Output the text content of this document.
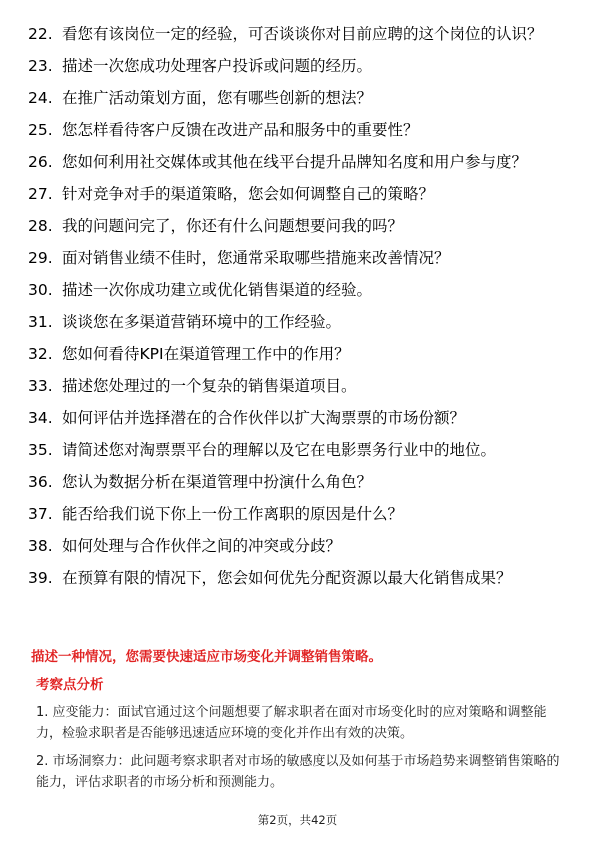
22. 看您有该岗位一定的经验，可否谈谈你对目前应聘的这个岗位的认识？
23. 描述一次您成功处理客户投诉或问题的经历。
24. 在推广活动策划方面，您有哪些创新的想法？
25. 您怎样看待客户反馈在改进产品和服务中的重要性？
26. 您如何利用社交媒体或其他在线平台提升品牌知名度和用户参与度？
27. 针对竞争对手的渠道策略，您会如何调整自己的策略？
28. 我的问题问完了，你还有什么问题想要问我的吗？
29. 面对销售业绩不佳时，您通常采取哪些措施来改善情况？
30. 描述一次你成功建立或优化销售渠道的经验。
31. 谈谈您在多渠道营销环境中的工作经验。
32. 您如何看待KPI在渠道管理工作中的作用？
33. 描述您处理过的一个复杂的销售渠道项目。
34. 如何评估并选择潜在的合作伙伴以扩大淘票票的市场份额？
35. 请简述您对淘票票平台的理解以及它在电影票务行业中的地位。
36. 您认为数据分析在渠道管理中扮演什么角色？
37. 能否给我们说下你上一份工作离职的原因是什么？
38. 如何处理与合作伙伴之间的冲突或分歧？
39. 在预算有限的情况下，您会如何优先分配资源以最大化销售成果？
描述一种情况，您需要快速适应市场变化并调整销售策略。
考察点分析
1. 应变能力：面试官通过这个问题想要了解求职者在面对市场变化时的应对策略和调整能力，检验求职者是否能够迅速适应环境的变化并作出有效的决策。
2. 市场洞察力：此问题考察求职者对市场的敏感度以及如何基于市场趋势来调整销售策略的能力，评估求职者的市场分析和预测能力。
第2页，共42页
